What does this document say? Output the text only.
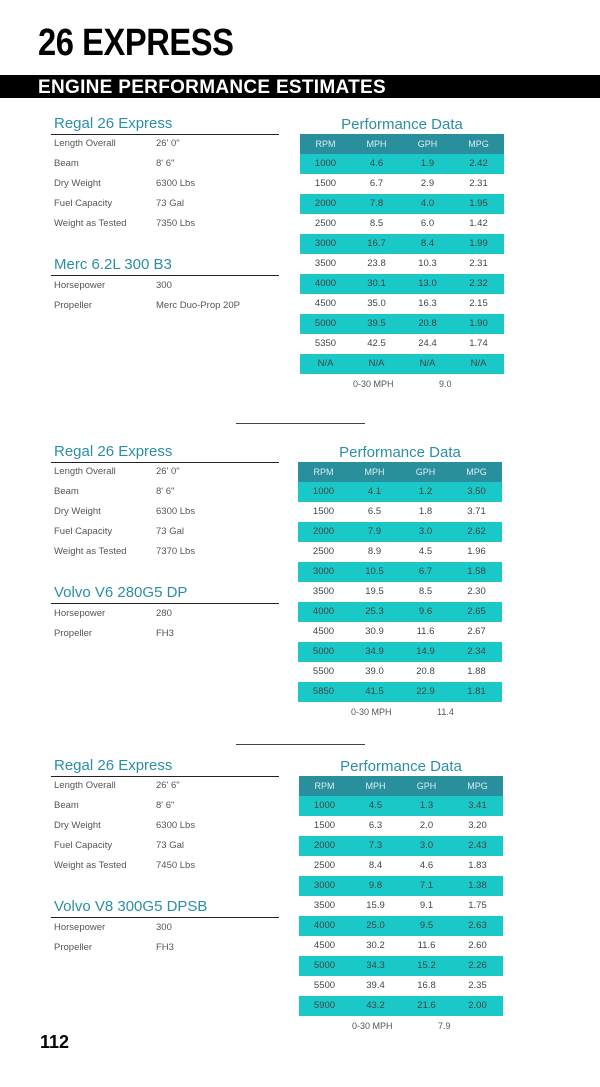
26 EXPRESS
ENGINE PERFORMANCE ESTIMATES
Regal 26 Express
Length Overall	26' 0"
Beam	8' 6"
Dry Weight	6300 Lbs
Fuel Capacity	73 Gal
Weight as Tested	7350 Lbs
Merc 6.2L 300 B3
Horsepower	300
Propeller	Merc Duo-Prop 20P
Performance Data
RPM	MPH	GPH	MPG
1000	4.6	1.9	2.42
1500	6.7	2.9	2.31
2000	7.8	4.0	1.95
2500	8.5	6.0	1.42
3000	16.7	8.4	1.99
3500	23.8	10.3	2.31
4000	30.1	13.0	2.32
4500	35.0	16.3	2.15
5000	39.5	20.8	1.90
5350	42.5	24.4	1.74
N/A	N/A	N/A	N/A
0-30 MPH	9.0
Regal 26 Express
Length Overall	26' 0"
Beam	8' 6"
Dry Weight	6300 Lbs
Fuel Capacity	73 Gal
Weight as Tested	7370 Lbs
Volvo V6 280G5 DP
Horsepower	280
Propeller	FH3
Performance Data
RPM	MPH	GPH	MPG
1000	4.1	1.2	3.50
1500	6.5	1.8	3.71
2000	7.9	3.0	2.62
2500	8.9	4.5	1.96
3000	10.5	6.7	1.58
3500	19.5	8.5	2.30
4000	25.3	9.6	2.65
4500	30.9	11.6	2.67
5000	34.9	14.9	2.34
5500	39.0	20.8	1.88
5850	41.5	22.9	1.81
0-30 MPH	11.4
Regal 26 Express
Length Overall	26' 6"
Beam	8' 6"
Dry Weight	6300 Lbs
Fuel Capacity	73 Gal
Weight as Tested	7450 Lbs
Volvo V8 300G5 DPSB
Horsepower	300
Propeller	FH3
Performance Data
RPM	MPH	GPH	MPG
1000	4.5	1.3	3.41
1500	6.3	2.0	3.20
2000	7.3	3.0	2.43
2500	8.4	4.6	1.83
3000	9.8	7.1	1.38
3500	15.9	9.1	1.75
4000	25.0	9.5	2.63
4500	30.2	11.6	2.60
5000	34.3	15.2	2.26
5500	39.4	16.8	2.35
5900	43.2	21.6	2.00
0-30 MPH	7.9
112
